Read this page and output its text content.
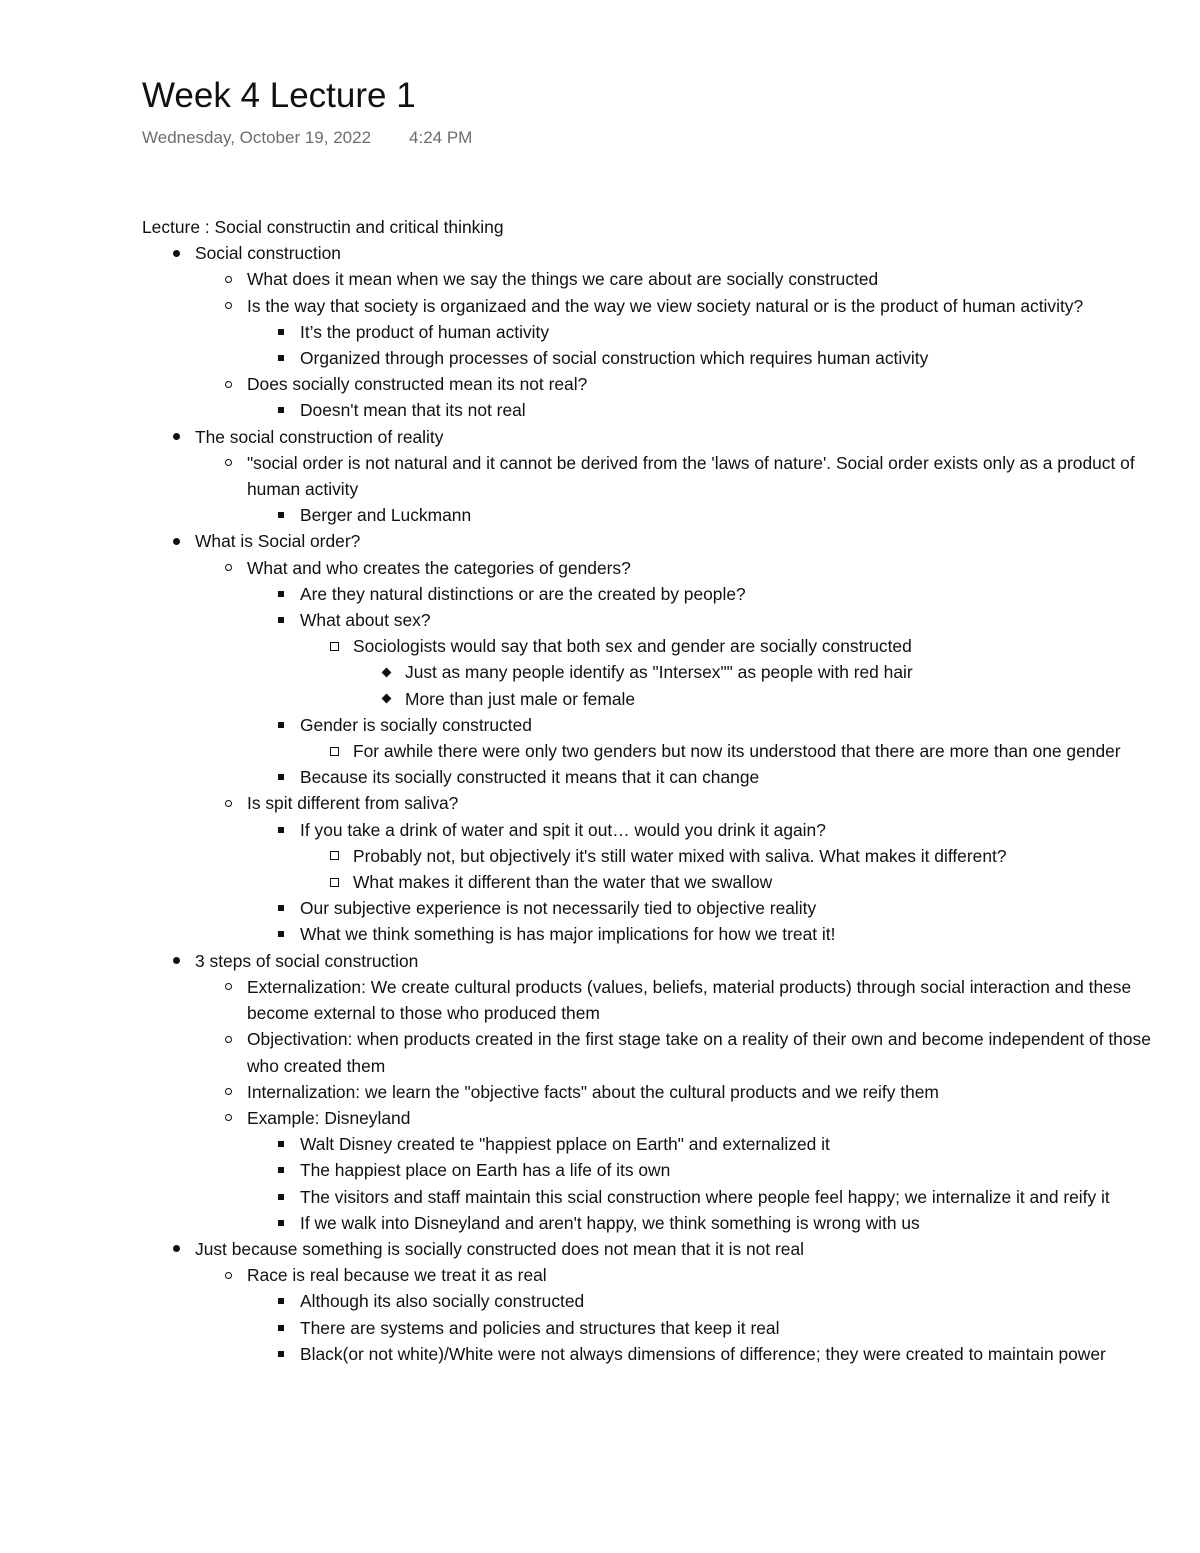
Week 4 Lecture 1
Wednesday, October 19, 2022 4:24 PM
Lecture : Social constructin and critical thinking
Social construction
What does it mean when we say the things we care about are socially constructed
Is the way that society is organizaed and the way we view society natural or is the product of human activity?
It’s the product of human activity
Organized through processes of social construction which requires human activity
Does socially constructed mean its not real?
Doesn't mean that its not real
The social construction of reality
"social order is not natural and it cannot be derived from the 'laws of nature'. Social order exists only as a product of human activity
Berger and Luckmann
What is Social order?
What and who creates the categories of genders?
Are they natural distinctions or are the created by people?
What about sex?
Sociologists would say that both sex and gender are socially constructed
Just as many people identify as "Intersex"" as people with red hair
More than just male or female
Gender is socially constructed
For awhile there were only two genders but now its understood that there are more than one gender
Because its socially constructed it means that it can change
Is spit different from saliva?
If you take a drink of water and spit it out… would you drink it again?
Probably not, but objectively it's still water mixed with saliva. What makes it different?
What makes it different than the water that we swallow
Our subjective experience is not necessarily tied to objective reality
What we think something is has major implications for how we treat it!
3 steps of social construction
Externalization: We create cultural products (values, beliefs, material products) through social interaction and these become external to those who produced them
Objectivation: when products created in the first stage take on a reality of their own and become independent of those who created them
Internalization: we learn the "objective facts" about the cultural products and we reify them
Example: Disneyland
Walt Disney created te "happiest pplace on Earth" and externalized it
The happiest place on Earth has a life of its own
The visitors and staff maintain this scial construction where people feel happy; we internalize it and reify it
If we walk into Disneyland and aren't happy, we think something is wrong with us
Just because something is socially constructed does not mean that it is not real
Race is real because we treat it as real
Although its also socially constructed
There are systems and policies and structures that keep it real
Black(or not white)/White were not always dimensions of difference; they were created to maintain power
